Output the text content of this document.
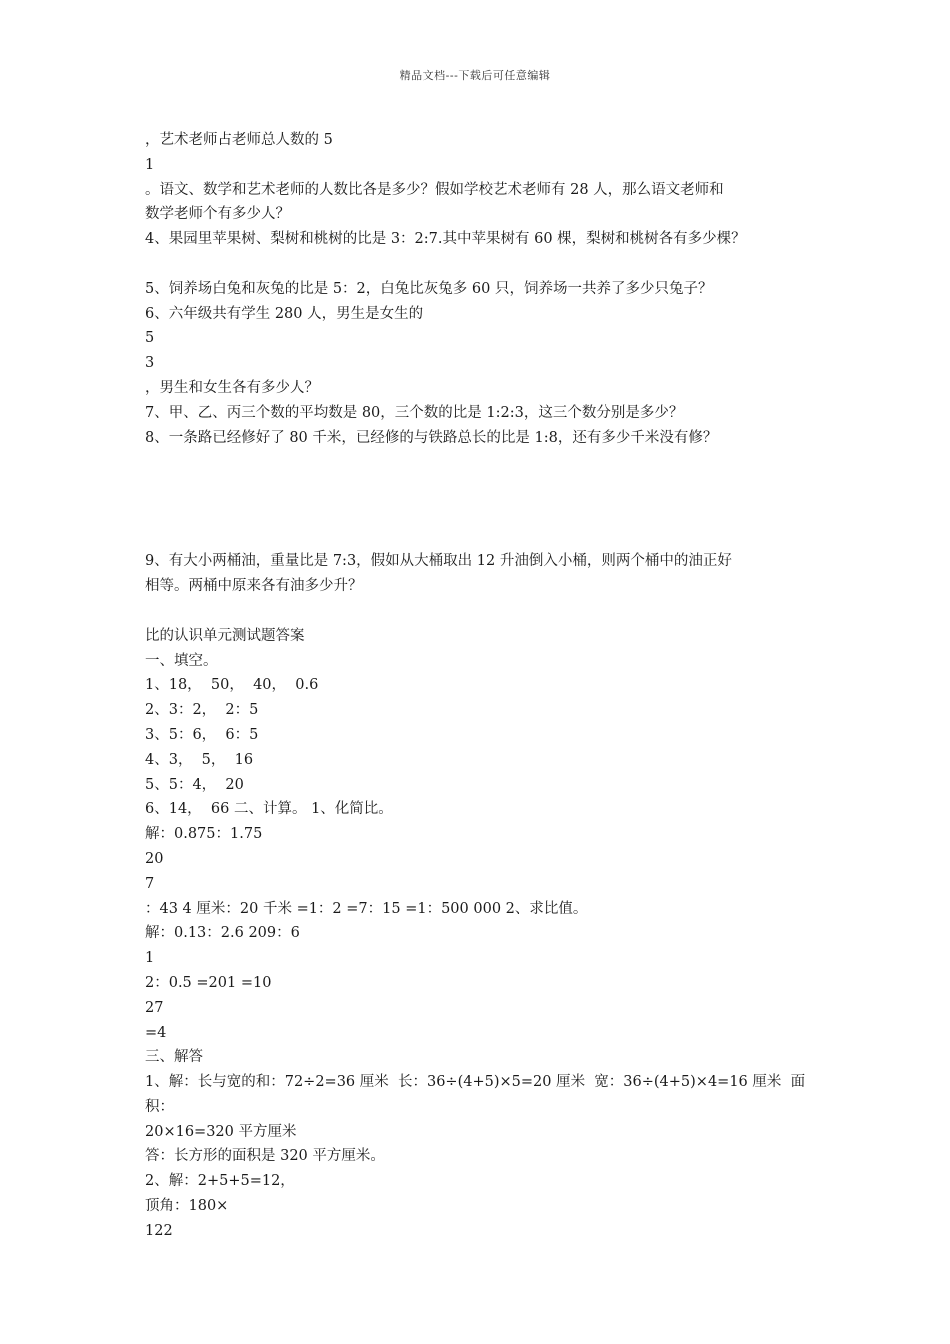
精品文档---下载后可任意编辑
，艺术老师占老师总人数的 5
1
。语文、数学和艺术老师的人数比各是多少？假如学校艺术老师有 28 人，那么语文老师和
数学老师个有多少人？
4、果园里苹果树、梨树和桃树的比是 3：2:7.其中苹果树有 60 棵，梨树和桃树各有多少棵？
5、饲养场白兔和灰兔的比是 5：2，白兔比灰兔多 60 只，饲养场一共养了多少只兔子？
6、六年级共有学生 280 人，男生是女生的
5
3
，男生和女生各有多少人？
7、甲、乙、丙三个数的平均数是 80，三个数的比是 1:2:3，这三个数分别是多少？
8、一条路已经修好了 80 千米，已经修的与铁路总长的比是 1:8，还有多少千米没有修？
9、有大小两桶油，重量比是 7:3，假如从大桶取出 12 升油倒入小桶，则两个桶中的油正好
相等。两桶中原来各有油多少升？
比的认识单元测试题答案
一、填空。
1、18，  50，  40，  0.6
2、3：2，  2：5
3、5：6，  6：5
4、3，  5，  16
5、5：4，  20
6、14，  66 二、计算。 1、化简比。
解：0.875：1.75
20
7
：43 4 厘米：20 千米 =1：2 =7：15 =1：500 000 2、求比值。
解：0.13：2.6 209：6
1
2：0.5 =201 =10
27
=4
三、解答
1、解：长与宽的和：72÷2=36 厘米  长：36÷(4+5)×5=20 厘米  宽：36÷(4+5)×4=16 厘米  面积：
20×16=320 平方厘米
答：长方形的面积是 320 平方厘米。
2、解：2+5+5=12，
顶角：180×
122
